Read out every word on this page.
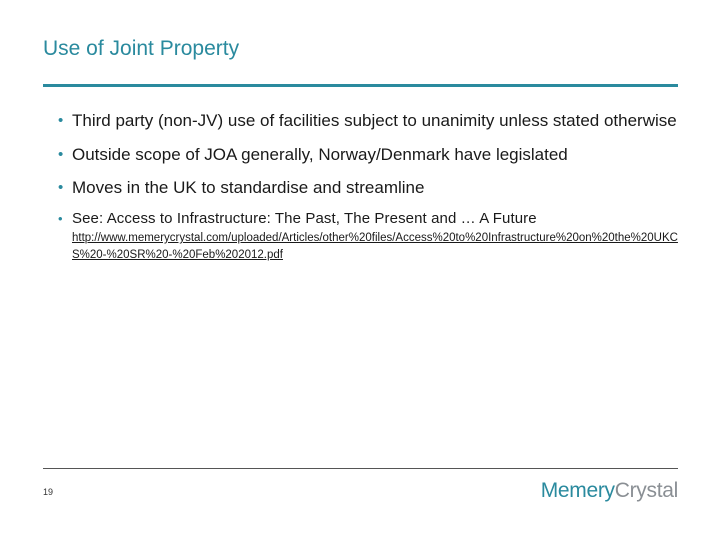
Use of Joint Property
• Third party (non-JV) use of facilities subject to unanimity unless stated otherwise
• Outside scope of JOA generally, Norway/Denmark have legislated
• Moves in the UK to standardise and streamline
• See: Access to Infrastructure: The Past, The Present and … A Future
http://www.memerycrystal.com/uploaded/Articles/other%20files/Access%20to%20Infrastructure%20on%20the%20UKCS%20-%20SR%20-%20Feb%202012.pdf
19	MemeryCrystal
